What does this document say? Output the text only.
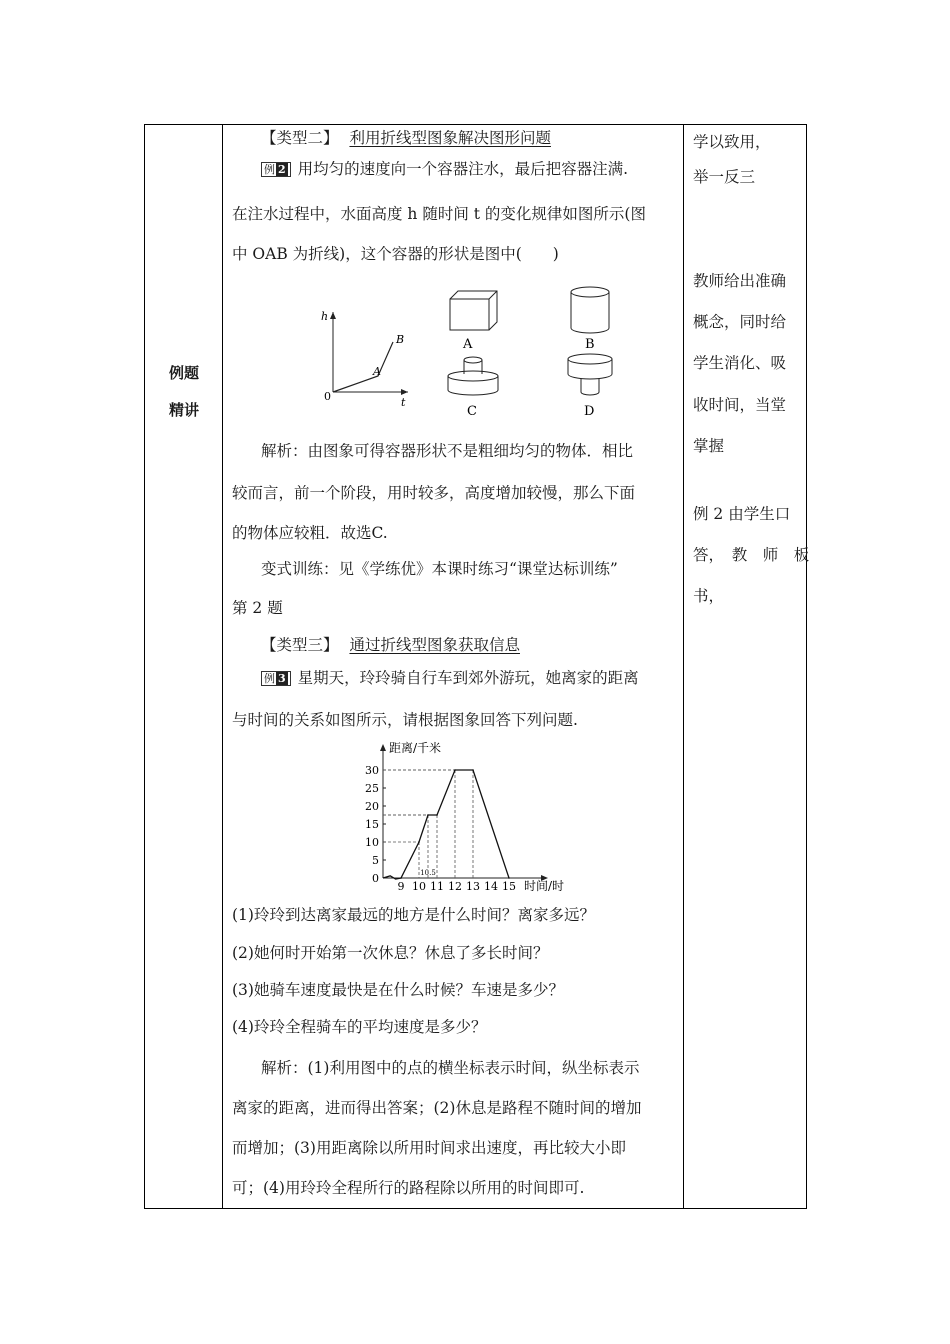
例题
精讲
【类型二】 利用折线型图象解决图形问题
例 2 用均匀的速度向一个容器注水，最后把容器注满.
在注水过程中，水面高度 h 随时间 t 的变化规律如图所示(图
中 OAB 为折线)，这个容器的形状是图中(　　)
h
t
0
A
B	A	B
C	D
解析：由图象可得容器形状不是粗细均匀的物体．相比
较而言，前一个阶段，用时较多，高度增加较慢，那么下面
的物体应较粗．故选C.
变式训练：见《学练优》本课时练习“课堂达标训练”
第 2 题
【类型三】 通过折线型图象获取信息
例 3 星期天，玲玲骑自行车到郊外游玩，她离家的距离
与时间的关系如图所示，请根据图象回答下列问题.
0
5
10
15
20
25
30
9 10 11 12 13 14 15
10.5
距离/千米
时间/时
(1)玲玲到达离家最远的地方是什么时间？离家多远？
(2)她何时开始第一次休息？休息了多长时间？
(3)她骑车速度最快是在什么时候？车速是多少？
(4)玲玲全程骑车的平均速度是多少？
解析：(1)利用图中的点的横坐标表示时间，纵坐标表示
离家的距离，进而得出答案；(2)休息是路程不随时间的增加
而增加；(3)用距离除以所用时间求出速度，再比较大小即
可；(4)用玲玲全程所行的路程除以所用的时间即可.
学以致用，
举一反三
教师给出准确
概念，同时给
学生消化、吸
收时间，当堂
掌握
例 2 由学生口
答，　教　师　板
书，
